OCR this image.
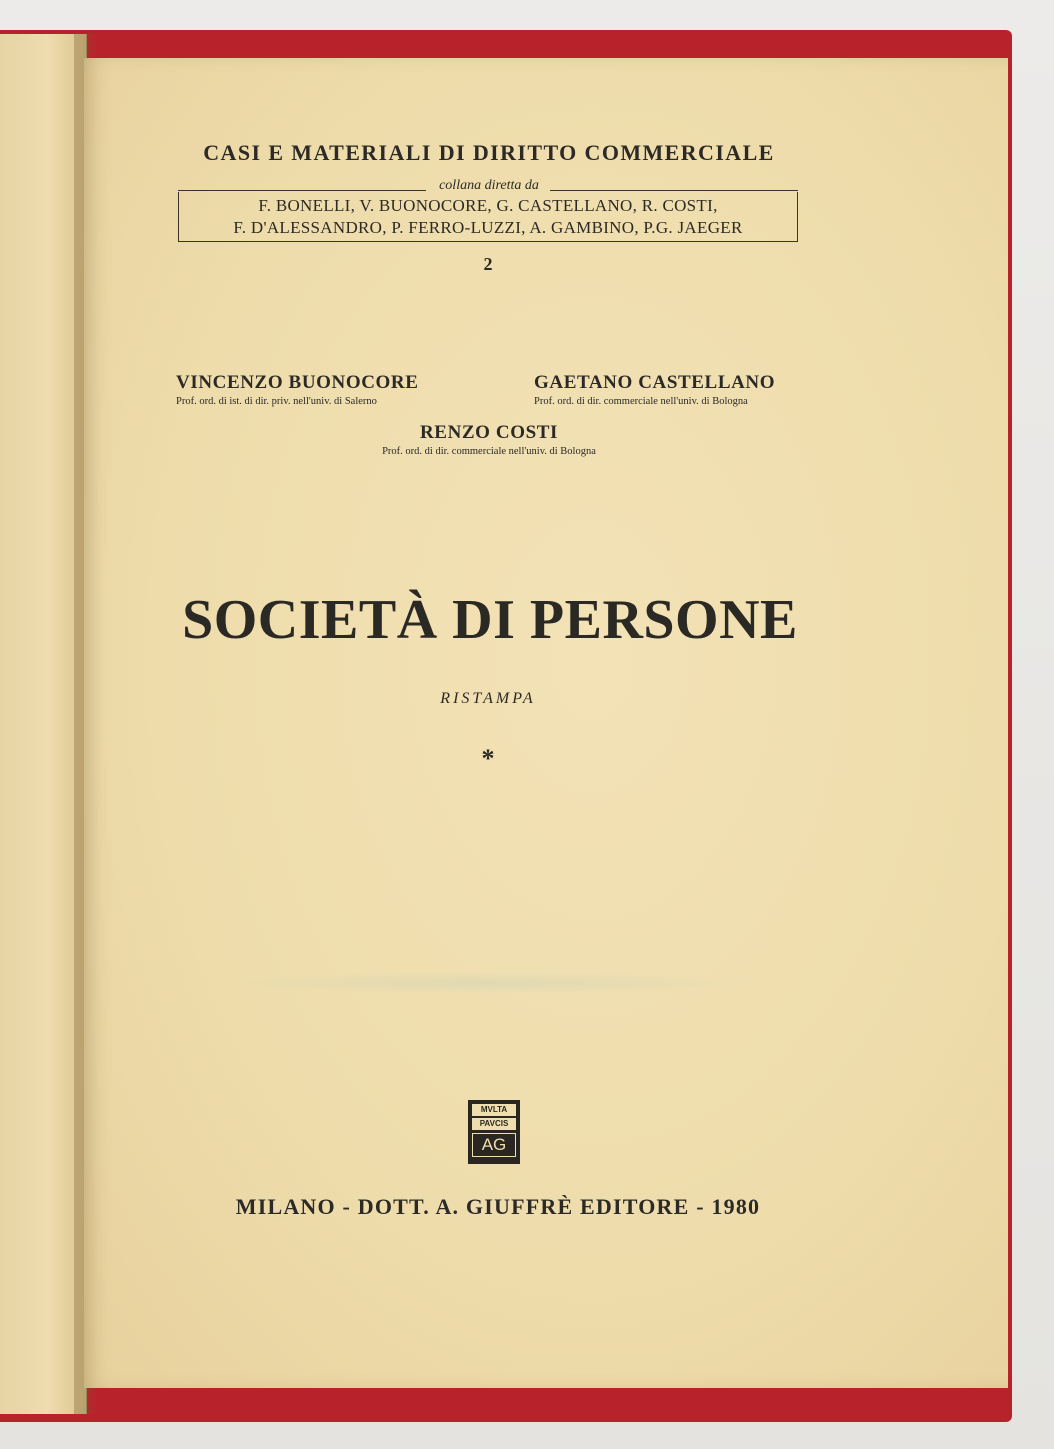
CASI E MATERIALI DI DIRITTO COMMERCIALE
collana diretta da
F. BONELLI, V. BUONOCORE, G. CASTELLANO, R. COSTI,
F. D'ALESSANDRO, P. FERRO-LUZZI, A. GAMBINO, P.G. JAEGER
2
VINCENZO BUONOCORE
Prof. ord. di ist. di dir. priv. nell'univ. di Salerno
GAETANO CASTELLANO
Prof. ord. di dir. commerciale nell'univ. di Bologna
RENZO COSTI
Prof. ord. di dir. commerciale nell'univ. di Bologna
SOCIETÀ DI PERSONE
RISTAMPA
*
MVLTA
PAVCIS
AG
MILANO - DOTT. A. GIUFFRÈ EDITORE - 1980
